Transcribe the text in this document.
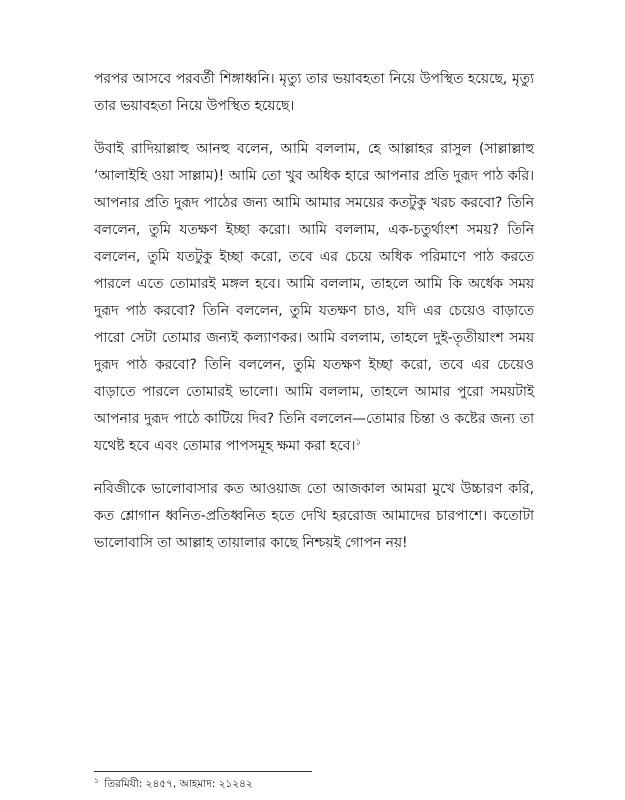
পরপর আসবে পরবর্তী শিঙ্গাধ্বনি। মৃত্যু তার ভয়াবহতা নিয়ে উপস্থিত হয়েছে, মৃত্যু তার ভয়াবহতা নিয়ে উপস্থিত হয়েছে।

উবাই রাদিয়াল্লাহু আনহু বলেন, আমি বললাম, হে আল্লাহর রাসুল (সাল্লাল্লাহু ‘আলাইহি ওয়া সাল্লাম)! আমি তো খুব অধিক হারে আপনার প্রতি দুরূদ পাঠ করি। আপনার প্রতি দুরূদ পাঠের জন্য আমি আমার সময়ের কতটুকু খরচ করবো? তিনি বললেন, তুমি যতক্ষণ ইচ্ছা করো। আমি বললাম, এক-চতুর্থাংশ সময়? তিনি বললেন, তুমি যতটুকু ইচ্ছা করো, তবে এর চেয়ে অধিক পরিমাণে পাঠ করতে পারলে এতে তোমারই মঙ্গল হবে। আমি বললাম, তাহলে আমি কি অর্ধেক সময় দুরূদ পাঠ করবো? তিনি বললেন, তুমি যতক্ষণ চাও, যদি এর চেয়েও বাড়াতে পারো সেটা তোমার জন্যই কল্যাণকর। আমি বললাম, তাহলে দুই-তৃতীয়াংশ সময় দুরূদ পাঠ করবো? তিনি বললেন, তুমি যতক্ষণ ইচ্ছা করো, তবে এর চেয়েও বাড়াতে পারলে তোমারই ভালো। আমি বললাম, তাহলে আমার পুরো সময়টাই আপনার দুরূদ পাঠে কাটিয়ে দিব? তিনি বললেন—তোমার চিন্তা ও কষ্টের জন্য তা যথেষ্ট হবে এবং তোমার পাপসমূহ ক্ষমা করা হবে।$^১$

নবিজীকে ভালোবাসার কত আওয়াজ তো আজকাল আমরা মুখে উচ্চারণ করি, কত শ্লোগান ধ্বনিত-প্রতিধ্বনিত হতে দেখি হররোজ আমাদের চারপাশে। কতোটা ভালোবাসি তা আল্লাহ তায়ালার কাছে নিশ্চয়ই গোপন নয়!

$^১$ তিরমিযী: ২৪৫৭, আহমাদ: ২১২৪২
